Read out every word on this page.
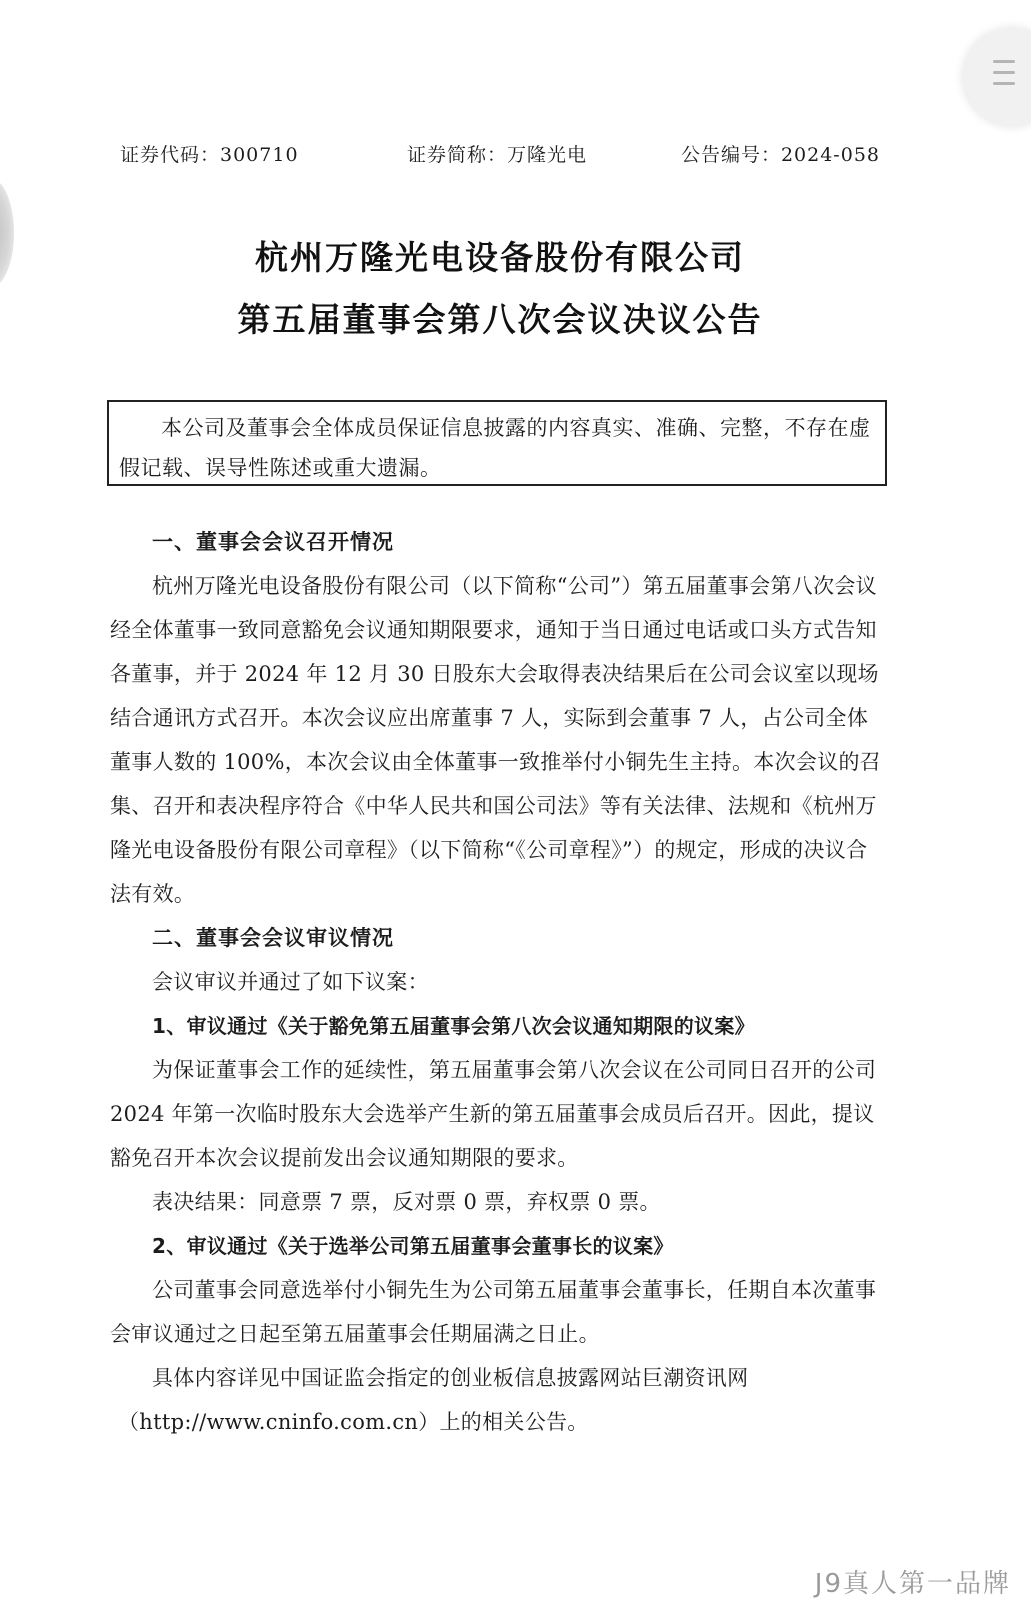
证券代码：300710	证券简称：万隆光电	公告编号：2024-058
杭州万隆光电设备股份有限公司
第五届董事会第八次会议决议公告
本公司及董事会全体成员保证信息披露的内容真实、准确、完整，不存在虚假记载、误导性陈述或重大遗漏。

一、董事会会议召开情况

杭州万隆光电设备股份有限公司（以下简称“公司”）第五届董事会第八次会议经全体董事一致同意豁免会议通知期限要求，通知于当日通过电话或口头方式告知各董事，并于 2024 年 12 月 30 日股东大会取得表决结果后在公司会议室以现场结合通讯方式召开。本次会议应出席董事 7 人，实际到会董事 7 人，占公司全体董事人数的 100%，本次会议由全体董事一致推举付小铜先生主持。本次会议的召集、召开和表决程序符合《中华人民共和国公司法》等有关法律、法规和《杭州万隆光电设备股份有限公司章程》（以下简称“《公司章程》”）的规定，形成的决议合法有效。

二、董事会会议审议情况

会议审议并通过了如下议案：

1、审议通过《关于豁免第五届董事会第八次会议通知期限的议案》

为保证董事会工作的延续性，第五届董事会第八次会议在公司同日召开的公司 2024 年第一次临时股东大会选举产生新的第五届董事会成员后召开。因此，提议豁免召开本次会议提前发出会议通知期限的要求。

表决结果：同意票 7 票，反对票 0 票，弃权票 0 票。

2、审议通过《关于选举公司第五届董事会董事长的议案》

公司董事会同意选举付小铜先生为公司第五届董事会董事长，任期自本次董事会审议通过之日起至第五届董事会任期届满之日止。

具体内容详见中国证监会指定的创业板信息披露网站巨潮资讯网

（http://www.cninfo.com.cn）上的相关公告。

J9真人第一品牌
